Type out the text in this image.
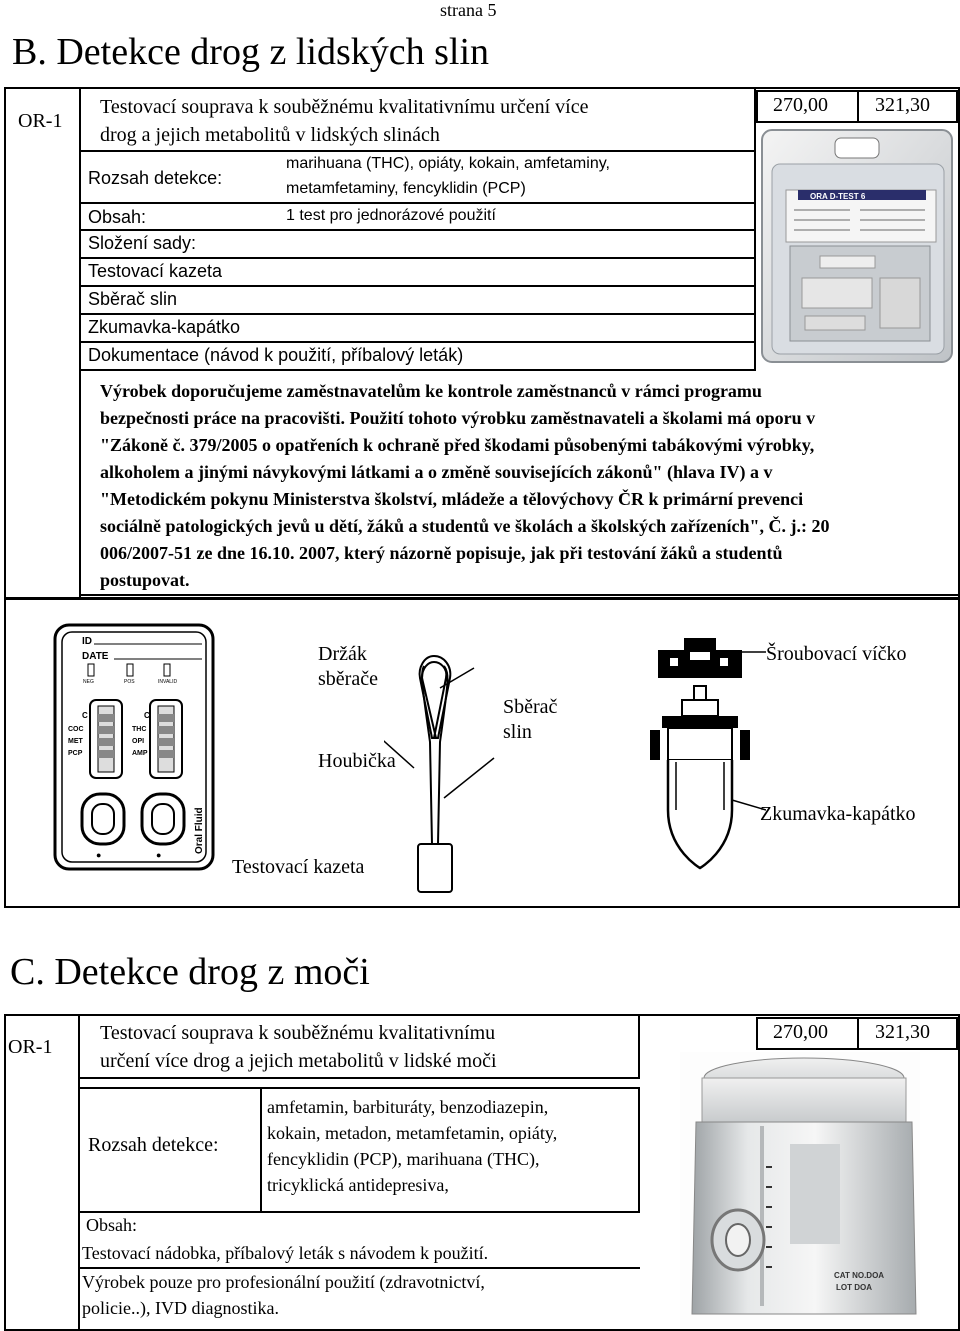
strana 5
B. Detekce drog z lidských slin
OR-1
Testovací souprava k souběžnému kvalitativnímu určení více
drog a jejich metabolitů v lidských slinách
270,00 321,30
Rozsah detekce:
marihuana (THC), opiáty, kokain, amfetaminy,
metamfetaminy, fencyklidin (PCP)
Obsah:	1 test pro jednorázové použití
Složení sady:
Testovací kazeta
Sběrač slin
Zkumavka-kapátko
Dokumentace (návod k použití, příbalový leták)
ORA D-TEST 6
Výrobek doporučujeme zaměstnavatelům ke kontrole zaměstnanců v rámci programu
bezpečnosti práce na pracovišti. Použití tohoto výrobku zaměstnavateli a školami má oporu v
"Zákoně č. 379/2005 o opatřeních k ochraně před škodami působenými tabákovými výrobky,
alkoholem a jinými návykovými látkami a o změně souvisejících zákonů" (hlava IV) a v
"Metodickém pokynu Ministerstva školství, mládeže a tělovýchovy ČR k primární prevenci
sociálně patologických jevů u dětí, žáků a studentů ve školách a školských zařízeních", Č. j.: 20
006/2007-51 ze dne 16.10. 2007, který názorně popisuje, jak při testování žáků a studentů
postupovat.
ID
DATE
NEG	POS	INVALID
C
COC
MET
PCP
C
THC
OPI
AMP
●	●
Oral Fluid
Testovací kazeta
Držák
sběrače
Houbička
Sběrač
slin
Šroubovací víčko
Zkumavka-kapátko
C. Detekce drog z moči
OR-1
Testovací souprava k souběžnému kvalitativnímu
určení více drog a jejich metabolitů v lidské moči
270,00 321,30
Rozsah detekce:
amfetamin, barbituráty, benzodiazepin,
kokain, metadon, metamfetamin, opiáty,
fencyklidin (PCP), marihuana (THC),
tricyklická antidepresiva,
Obsah:
Testovací nádobka, příbalový leták s návodem k použití.
Výrobek pouze pro profesionální použití (zdravotnictví,
policie..), IVD diagnostika.
CAT NO.DOA
LOT DOA
